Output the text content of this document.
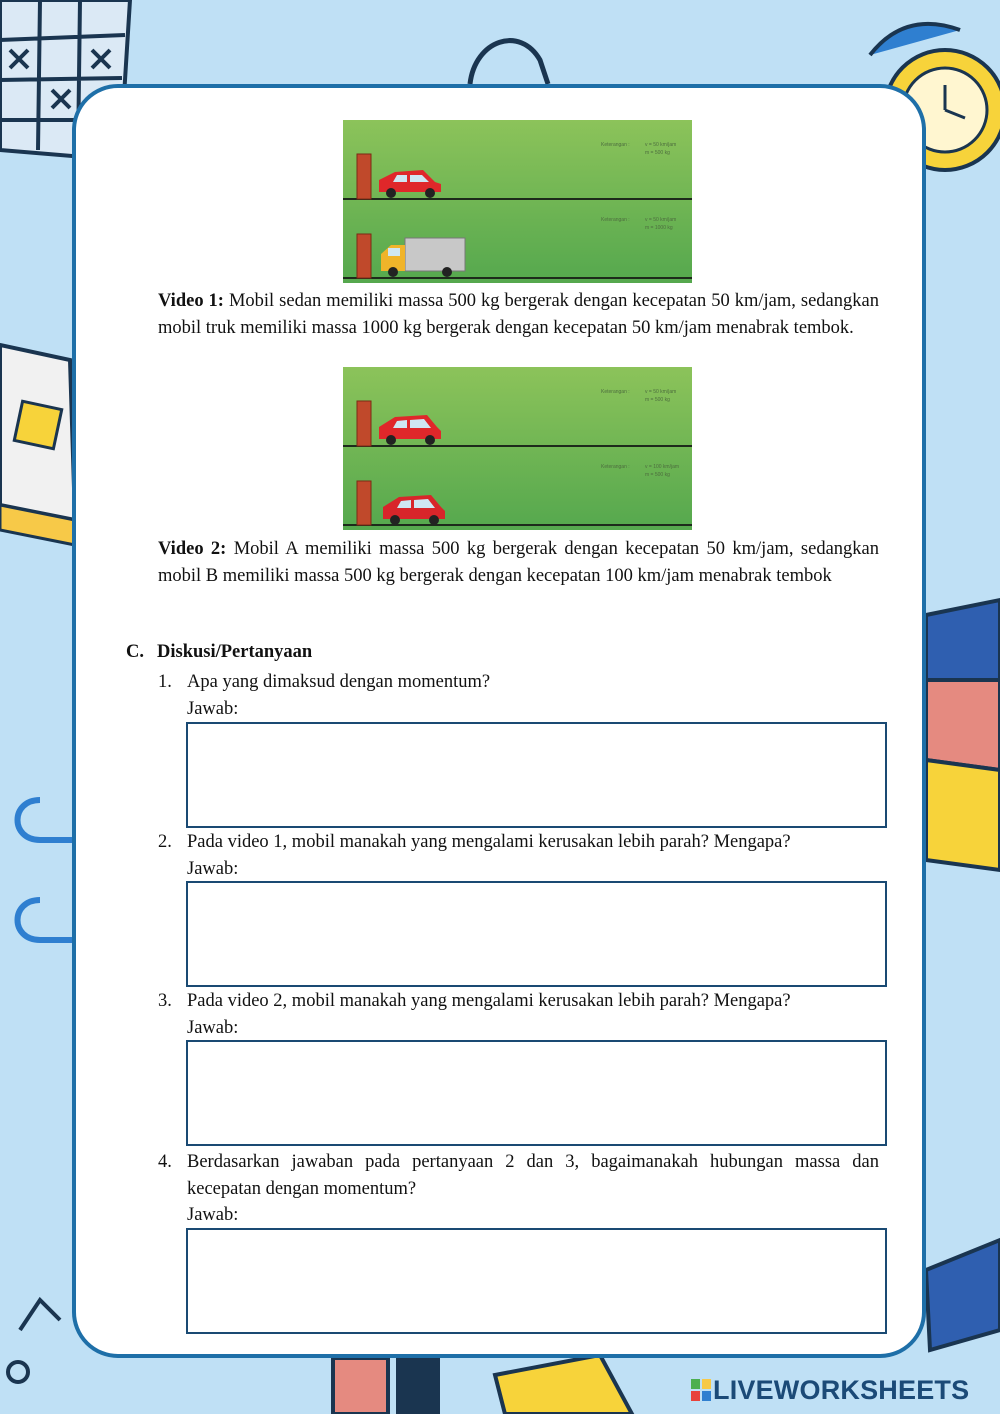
Keterangan :	v = 50 km/jam
m = 500 kg
Keterangan :	v = 50 km/jam
m = 1000 kg
Video 1: Mobil sedan memiliki massa 500 kg bergerak dengan kecepatan 50 km/jam, sedangkan mobil truk memiliki massa 1000 kg bergerak dengan kecepatan 50 km/jam menabrak tembok.
Keterangan :	v = 50 km/jam
m = 500 kg
Keterangan :	v = 100 km/jam
m = 500 kg
Video 2: Mobil A memiliki massa 500 kg bergerak dengan kecepatan 50 km/jam, sedangkan mobil B memiliki massa 500 kg bergerak dengan kecepatan 100 km/jam menabrak tembok
C. Diskusi/Pertanyaan
1. Apa yang dimaksud dengan momentum?
Jawab:
2. Pada video 1, mobil manakah yang mengalami kerusakan lebih parah? Mengapa?
Jawab:
3. Pada video 2, mobil manakah yang mengalami kerusakan lebih parah? Mengapa?
Jawab:
4. Berdasarkan jawaban pada pertanyaan 2 dan 3, bagaimanakah hubungan massa dan kecepatan dengan momentum?
Jawab:
LIVEWORKSHEETS
